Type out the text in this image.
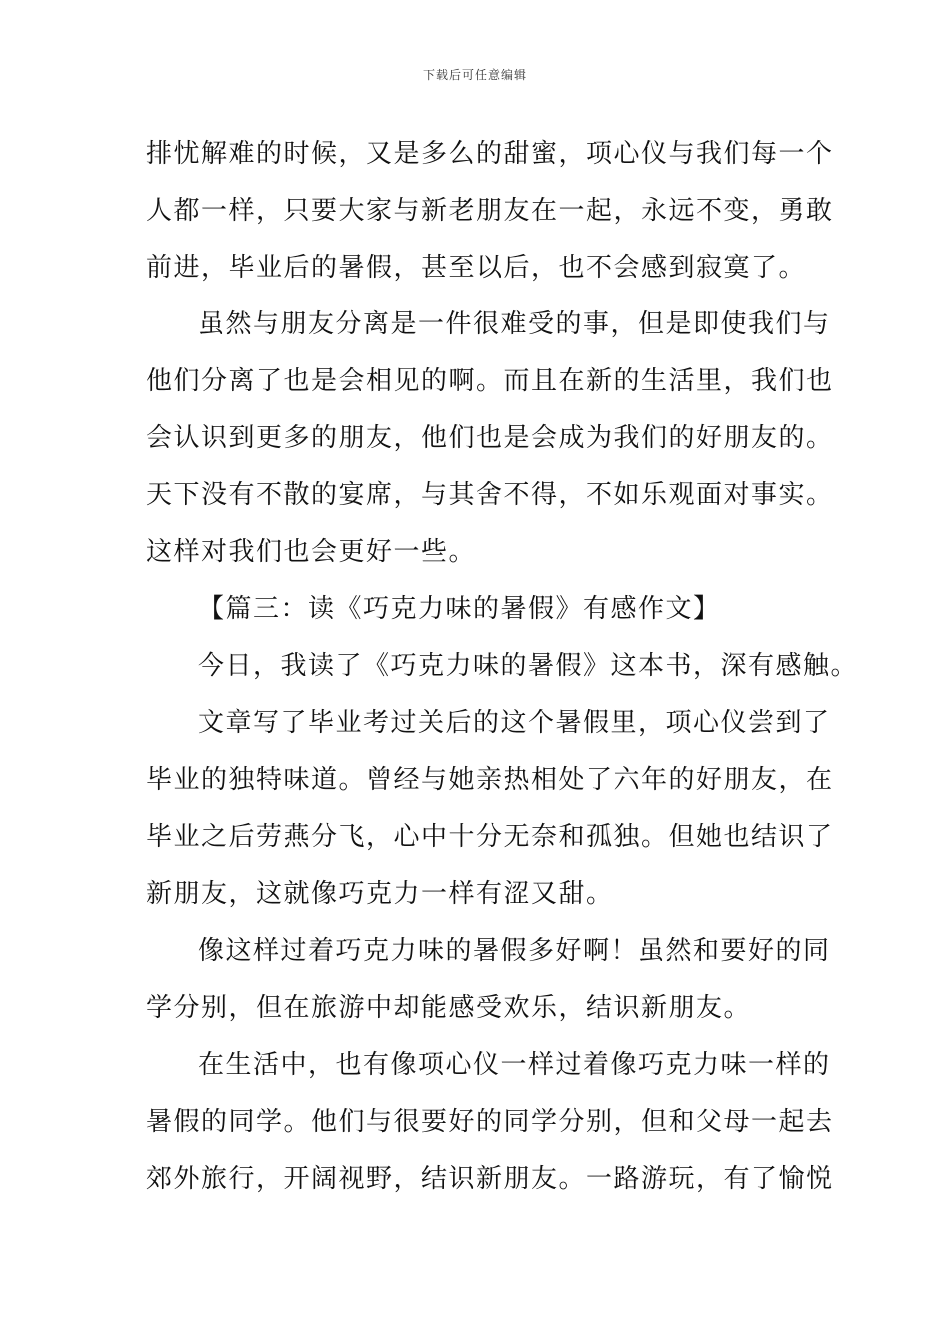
下载后可任意编辑
排忧解难的时候，又是多么的甜蜜，项心仪与我们每一个
人都一样，只要大家与新老朋友在一起，永远不变，勇敢
前进，毕业后的暑假，甚至以后，也不会感到寂寞了。
虽然与朋友分离是一件很难受的事，但是即使我们与
他们分离了也是会相见的啊。而且在新的生活里，我们也
会认识到更多的朋友，他们也是会成为我们的好朋友的。
天下没有不散的宴席，与其舍不得，不如乐观面对事实。
这样对我们也会更好一些。
【篇三：读《巧克力味的暑假》有感作文】
今日，我读了《巧克力味的暑假》这本书，深有感触。
文章写了毕业考过关后的这个暑假里，项心仪尝到了
毕业的独特味道。曾经与她亲热相处了六年的好朋友，在
毕业之后劳燕分飞，心中十分无奈和孤独。但她也结识了
新朋友，这就像巧克力一样有涩又甜。
像这样过着巧克力味的暑假多好啊！虽然和要好的同
学分别，但在旅游中却能感受欢乐，结识新朋友。
在生活中，也有像项心仪一样过着像巧克力味一样的
暑假的同学。他们与很要好的同学分别，但和父母一起去
郊外旅行，开阔视野，结识新朋友。一路游玩，有了愉悦
